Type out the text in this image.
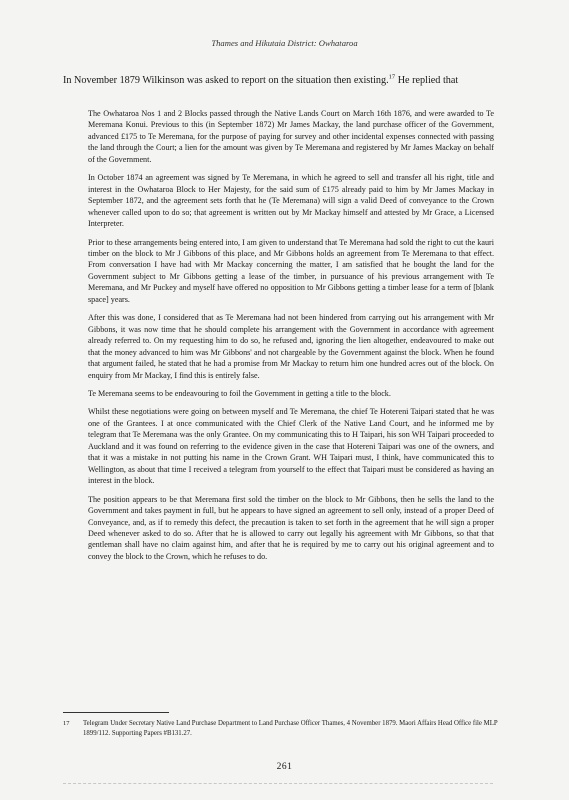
Thames and Hikutaia District: Owhataroa

In November 1879 Wilkinson was asked to report on the situation then existing.$^{17}$ He replied that

The Owhataroa Nos 1 and 2 Blocks passed through the Native Lands Court on March 16th 1876, and were awarded to Te Meremana Konui. Previous to this (in September 1872) Mr James Mackay, the land purchase officer of the Government, advanced £175 to Te Meremana, for the purpose of paying for survey and other incidental expenses connected with passing the land through the Court; a lien for the amount was given by Te Meremana and registered by Mr James Mackay on behalf of the Government.

In October 1874 an agreement was signed by Te Meremana, in which he agreed to sell and transfer all his right, title and interest in the Owhataroa Block to Her Majesty, for the said sum of £175 already paid to him by Mr James Mackay in September 1872, and the agreement sets forth that he (Te Meremana) will sign a valid Deed of conveyance to the Crown whenever called upon to do so; that agreement is written out by Mr Mackay himself and attested by Mr Grace, a Licensed Interpreter.

Prior to these arrangements being entered into, I am given to understand that Te Meremana had sold the right to cut the kauri timber on the block to Mr J Gibbons of this place, and Mr Gibbons holds an agreement from Te Meremana to that effect. From conversation I have had with Mr Mackay concerning the matter, I am satisfied that he bought the land for the Government subject to Mr Gibbons getting a lease of the timber, in pursuance of his previous arrangement with Te Meremana, and Mr Puckey and myself have offered no opposition to Mr Gibbons getting a timber lease for a term of [blank space] years.

After this was done, I considered that as Te Meremana had not been hindered from carrying out his arrangement with Mr Gibbons, it was now time that he should complete his arrangement with the Government in accordance with agreement already referred to. On my requesting him to do so, he refused and, ignoring the lien altogether, endeavoured to make out that the money advanced to him was Mr Gibbons' and not chargeable by the Government against the block. When he found that argument failed, he stated that he had a promise from Mr Mackay to return him one hundred acres out of the block. On enquiry from Mr Mackay, I find this is entirely false.

Te Meremana seems to be endeavouring to foil the Government in getting a title to the block.

Whilst these negotiations were going on between myself and Te Meremana, the chief Te Hotereni Taipari stated that he was one of the Grantees. I at once communicated with the Chief Clerk of the Native Land Court, and he informed me by telegram that Te Meremana was the only Grantee. On my communicating this to H Taipari, his son WH Taipari proceeded to Auckland and it was found on referring to the evidence given in the case that Hotereni Taipari was one of the owners, and that it was a mistake in not putting his name in the Crown Grant. WH Taipari must, I think, have communicated this to Wellington, as about that time I received a telegram from yourself to the effect that Taipari must be considered as having an interest in the block.

The position appears to be that Meremana first sold the timber on the block to Mr Gibbons, then he sells the land to the Government and takes payment in full, but he appears to have signed an agreement to sell only, instead of a proper Deed of Conveyance, and, as if to remedy this defect, the precaution is taken to set forth in the agreement that he will sign a proper Deed whenever asked to do so. After that he is allowed to carry out legally his agreement with Mr Gibbons, so that that gentleman shall have no claim against him, and after that he is required by me to carry out his original agreement and to convey the block to the Crown, which he refuses to do.

17	Telegram Under Secretary Native Land Purchase Department to Land Purchase Officer Thames, 4 November 1879. Maori Affairs Head Office file MLP 1899/112. Supporting Papers #B131.27.
261
